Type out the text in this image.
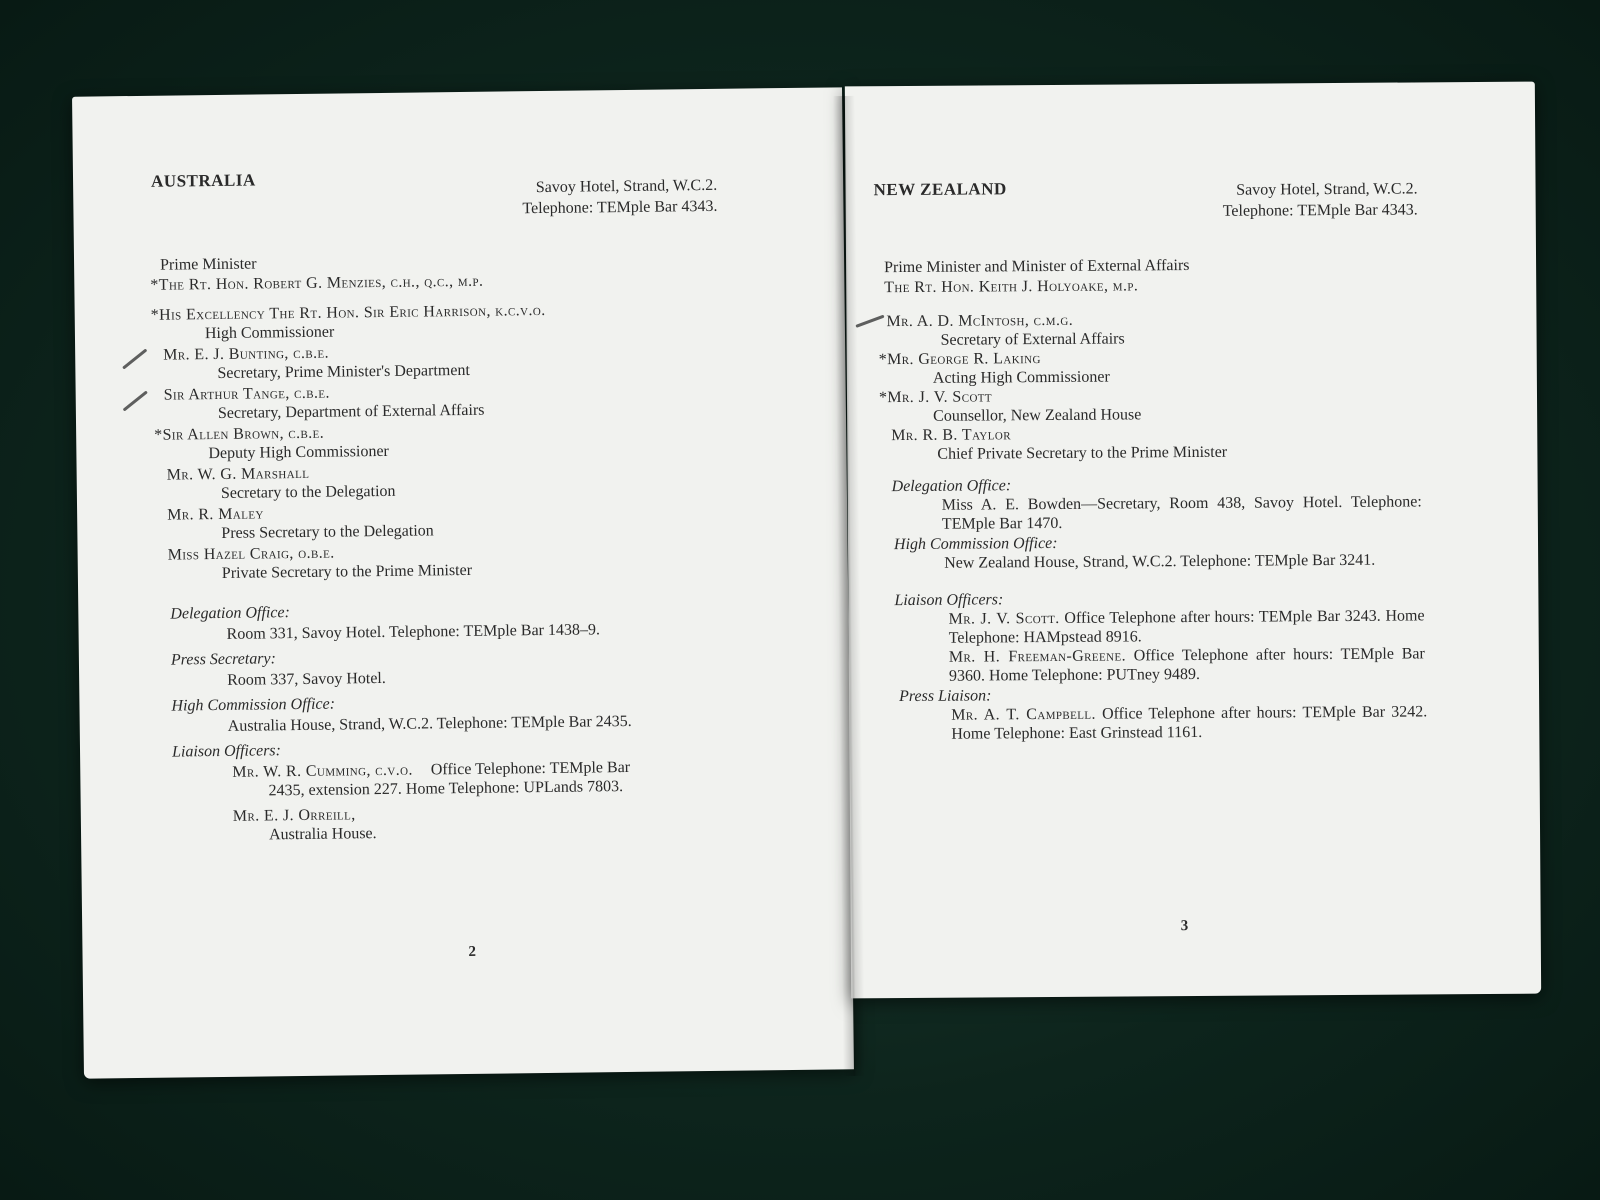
AUSTRALIA	Savoy Hotel, Strand, W.C.2.
Telephone: TEMple Bar 4343.
Prime Minister
*The Rt. Hon. Robert G. Menzies, c.h., q.c., m.p.
*His Excellency The Rt. Hon. Sir Eric Harrison, k.c.v.o.
High Commissioner
Mr. E. J. Bunting, c.b.e.
Secretary, Prime Minister's Department
Sir Arthur Tange, c.b.e.
Secretary, Department of External Affairs
*Sir Allen Brown, c.b.e.
Deputy High Commissioner
Mr. W. G. Marshall
Secretary to the Delegation
Mr. R. Maley
Press Secretary to the Delegation
Miss Hazel Craig, o.b.e.
Private Secretary to the Prime Minister
Delegation Office:
Room 331, Savoy Hotel. Telephone: TEMple Bar 1438–9.
Press Secretary:
Room 337, Savoy Hotel.
High Commission Office:
Australia House, Strand, W.C.2. Telephone: TEMple Bar 2435.
Liaison Officers:
Mr. W. R. Cumming, c.v.o. Office Telephone: TEMple Bar
2435, extension 227. Home Telephone: UPLands 7803.
Mr. E. J. Orreill,
Australia House.
2
NEW ZEALAND	Savoy Hotel, Strand, W.C.2.
Telephone: TEMple Bar 4343.
Prime Minister and Minister of External Affairs
The Rt. Hon. Keith J. Holyoake, m.p.
Mr. A. D. McIntosh, c.m.g.
Secretary of External Affairs
*Mr. George R. Laking
Acting High Commissioner
*Mr. J. V. Scott
Counsellor, New Zealand House
Mr. R. B. Taylor
Chief Private Secretary to the Prime Minister
Delegation Office:
Miss A. E. Bowden—Secretary, Room 438, Savoy Hotel. Telephone: TEMple Bar 1470.
High Commission Office:
New Zealand House, Strand, W.C.2. Telephone: TEMple Bar 3241.
Liaison Officers:
Mr. J. V. Scott. Office Telephone after hours: TEMple Bar 3243. Home Telephone: HAMpstead 8916.
Mr. H. Freeman-Greene. Office Telephone after hours: TEMple Bar 9360. Home Telephone: PUTney 9489.
Press Liaison:
Mr. A. T. Campbell. Office Telephone after hours: TEMple Bar 3242. Home Telephone: East Grinstead 1161.
3
